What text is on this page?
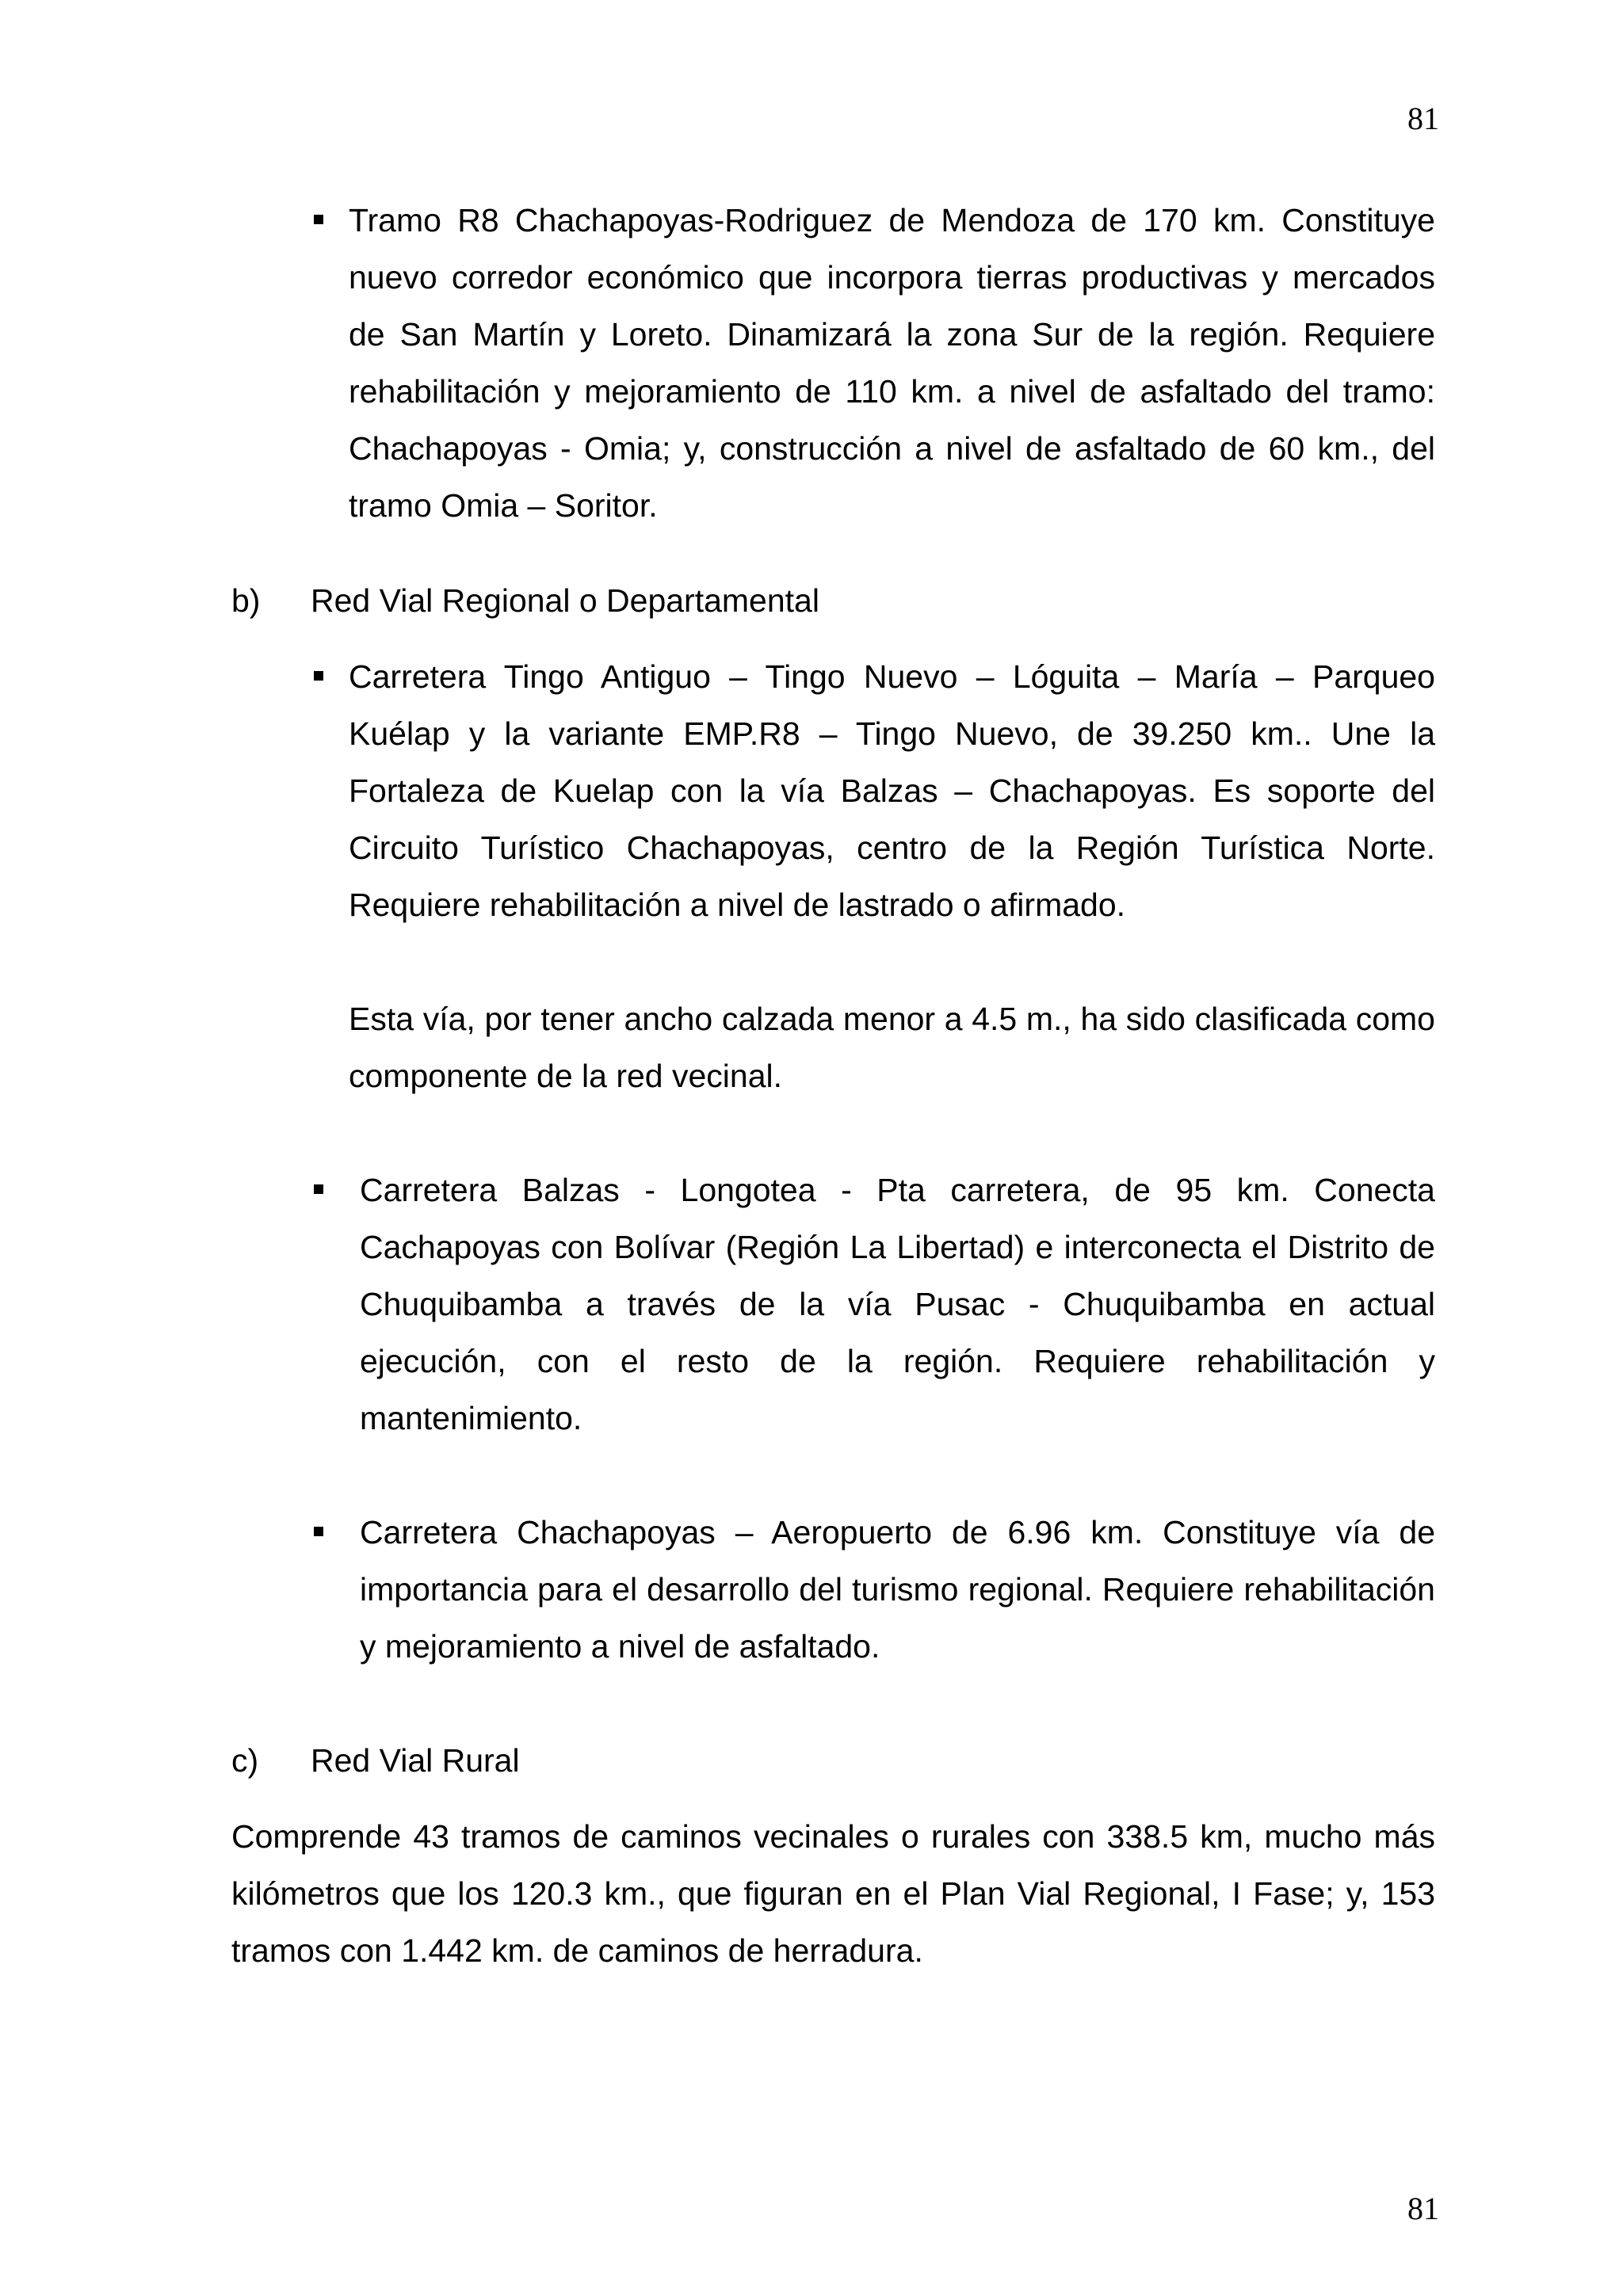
81
Tramo R8 Chachapoyas-Rodriguez de Mendoza de 170 km. Constituye nuevo corredor económico que incorpora tierras productivas y mercados de San Martín y Loreto. Dinamizará la zona Sur de la región. Requiere rehabilitación y mejoramiento de 110 km. a nivel de asfaltado del tramo: Chachapoyas - Omia; y, construcción a nivel de asfaltado de 60 km., del tramo Omia – Soritor.
b) Red Vial Regional o Departamental
Carretera Tingo Antiguo – Tingo Nuevo – Lóguita – María – Parqueo Kuélap y la variante EMP.R8 – Tingo Nuevo, de 39.250 km.. Une la Fortaleza de Kuelap con la vía Balzas – Chachapoyas. Es soporte del Circuito Turístico Chachapoyas, centro de la Región Turística Norte. Requiere rehabilitación a nivel de lastrado o afirmado.
Esta vía, por tener ancho calzada menor a 4.5 m., ha sido clasificada como componente de la red vecinal.
Carretera Balzas - Longotea - Pta carretera, de 95 km. Conecta Cachapoyas con Bolívar (Región La Libertad) e interconecta el Distrito de Chuquibamba a través de la vía Pusac - Chuquibamba en actual ejecución, con el resto de la región. Requiere rehabilitación y mantenimiento.
Carretera Chachapoyas – Aeropuerto de 6.96 km. Constituye vía de importancia para el desarrollo del turismo regional. Requiere rehabilitación y mejoramiento a nivel de asfaltado.
c) Red Vial Rural
Comprende 43 tramos de caminos vecinales o rurales con 338.5 km, mucho más kilómetros que los 120.3 km., que figuran en el Plan Vial Regional, I Fase; y, 153 tramos con 1.442 km. de caminos de herradura.
81
